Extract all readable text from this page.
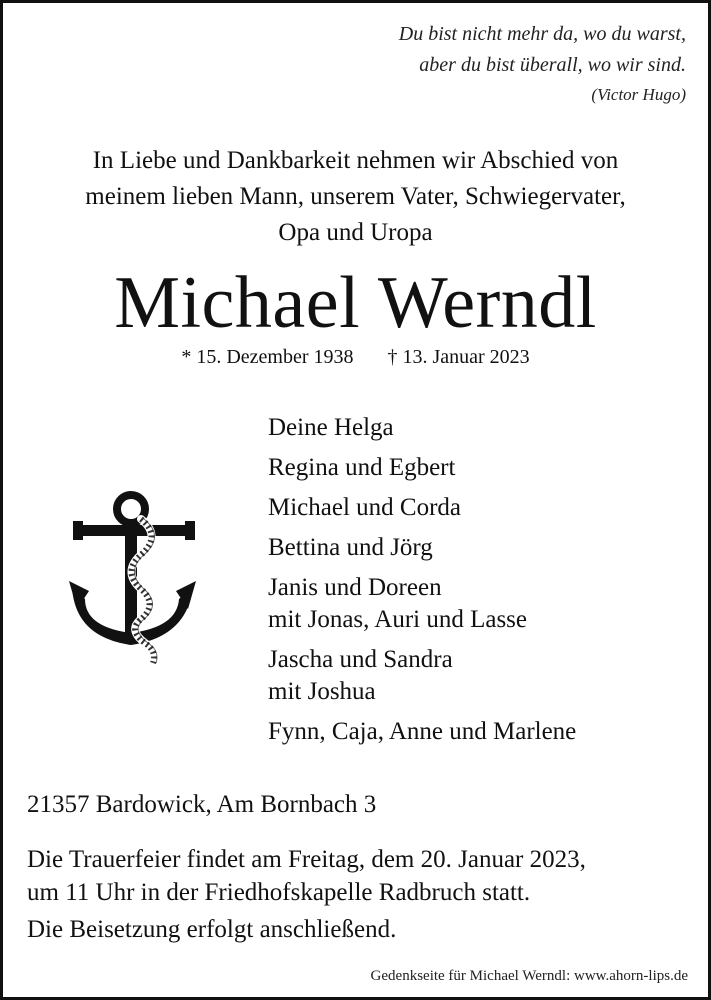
Du bist nicht mehr da, wo du warst,
aber du bist überall, wo wir sind.
(Victor Hugo)
In Liebe und Dankbarkeit nehmen wir Abschied von
meinem lieben Mann, unserem Vater, Schwiegervater,
Opa und Uropa
Michael Werndl
* 15. Dezember 1938 † 13. Januar 2023
Deine Helga
Regina und Egbert
Michael und Corda
Bettina und Jörg
Janis und Doreen
mit Jonas, Auri und Lasse
Jascha und Sandra
mit Joshua
Fynn, Caja, Anne und Marlene
21357 Bardowick, Am Bornbach 3
Die Trauerfeier findet am Freitag, dem 20. Januar 2023,
um 11 Uhr in der Friedhofskapelle Radbruch statt.
Die Beisetzung erfolgt anschließend.
Gedenkseite für Michael Werndl: www.ahorn-lips.de
